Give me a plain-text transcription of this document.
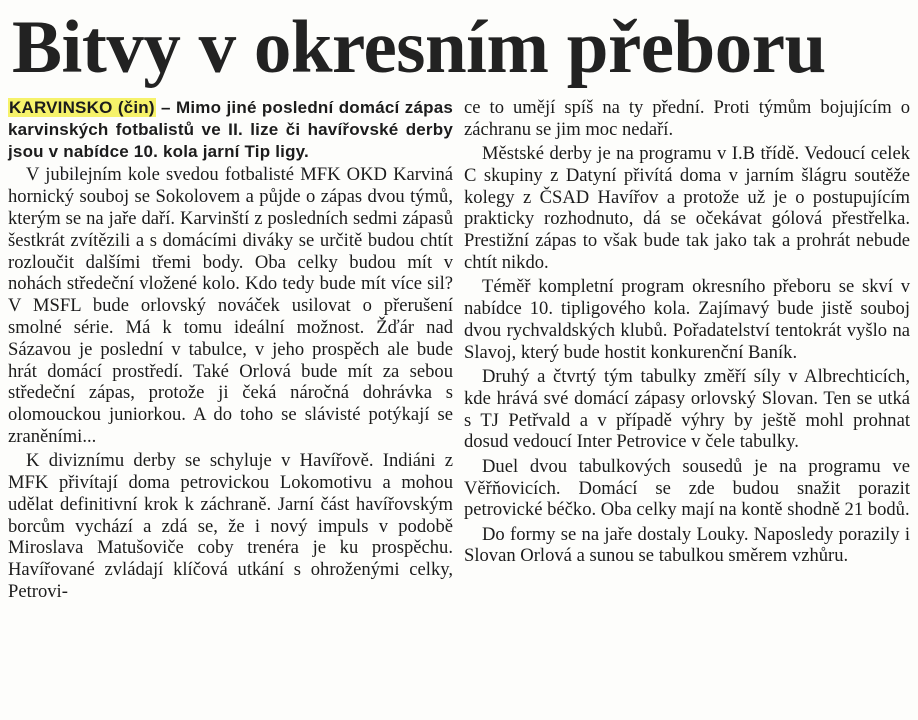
Bitvy v okresním přeboru
KARVINSKO (čin) – Mimo jiné poslední domácí zápas karvinských fotbalistů ve II. lize či havířovské derby jsou v nabídce 10. kola jarní Tip ligy.

V jubilejním kole svedou fotbalisté MFK OKD Karviná hornický souboj se Sokolovem a půjde o zápas dvou týmů, kterým se na jaře daří. Karvinští z posledních sedmi zápasů šestkrát zvítězili a s domácími diváky se určitě budou chtít rozloučit dalšími třemi body. Oba celky budou mít v nohách středeční vložené kolo. Kdo tedy bude mít více sil? V MSFL bude orlovský nováček usilovat o přerušení smolné série. Má k tomu ideální možnost. Žďár nad Sázavou je poslední v tabulce, v jeho prospěch ale bude hrát domácí prostředí. Také Orlová bude mít za sebou středeční zápas, protože ji čeká náročná dohrávka s olomouckou juniorkou. A do toho se slávisté potýkají se zraněními...

K diviznímu derby se schyluje v Havířově. Indiáni z MFK přivítají doma petrovickou Lokomotivu a mohou udělat definitivní krok k záchraně. Jarní část havířovským borcům vychází a zdá se, že i nový impuls v podobě Miroslava Matušoviče coby trenéra je ku prospěchu. Havířované zvládají klíčová utkání s ohroženými celky, Petrovi-

ce to umějí spíš na ty přední. Proti týmům bojujícím o záchranu se jim moc nedaří.

Městské derby je na programu v I.B třídě. Vedoucí celek C skupiny z Datyní přivítá doma v jarním šlágru soutěže kolegy z ČSAD Havířov a protože už je o postupujícím prakticky rozhodnuto, dá se očekávat gólová přestřelka. Prestižní zápas to však bude tak jako tak a prohrát nebude chtít nikdo.

Téměř kompletní program okresního přeboru se skví v nabídce 10. tipligového kola. Zajímavý bude jistě souboj dvou rychvaldských klubů. Pořadatelství tentokrát vyšlo na Slavoj, který bude hostit konkurenční Baník.

Druhý a čtvrtý tým tabulky změří síly v Albrechticích, kde hrává své domácí zápasy orlovský Slovan. Ten se utká s TJ Petřvald a v případě výhry by ještě mohl prohnat dosud vedoucí Inter Petrovice v čele tabulky.

Duel dvou tabulkových sousedů je na programu ve Věřňovicích. Domácí se zde budou snažit porazit petrovické béčko. Oba celky mají na kontě shodně 21 bodů.

Do formy se na jaře dostaly Louky. Naposledy porazily i Slovan Orlová a sunou se tabulkou směrem vzhůru.
